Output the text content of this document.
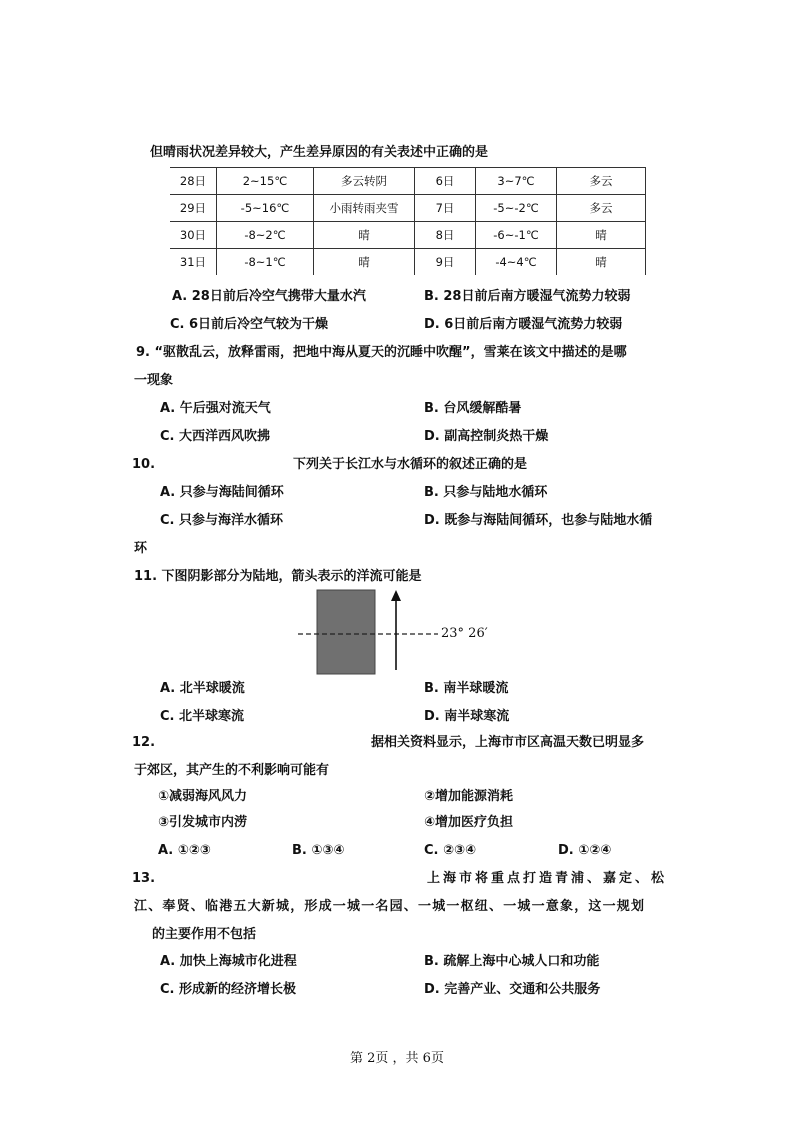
但晴雨状况差异较大，产生差异原因的有关表述中正确的是
28日	2~15℃	多云转阴	6日	3~7℃	多云
29日	-5~16℃	小雨转雨夹雪	7日	-5~-2℃	多云
30日	-8~2℃	晴	8日	-6~-1℃	晴
31日	-8~1℃	晴	9日	-4~4℃	晴
A. 28日前后冷空气携带大量水汽	B. 28日前后南方暖湿气流势力较弱
C. 6日前后冷空气较为干燥	D. 6日前后南方暖湿气流势力较弱
9. “驱散乱云，放释雷雨，把地中海从夏天的沉睡中吹醒”，雪莱在该文中描述的是哪
一现象
A. 午后强对流天气	B. 台风缓解酷暑
C. 大西洋西风吹拂	D. 副高控制炎热干燥
10.	下列关于长江水与水循环的叙述正确的是
A. 只参与海陆间循环	B. 只参与陆地水循环
C. 只参与海洋水循环	D. 既参与海陆间循环，也参与陆地水循
环
11. 下图阴影部分为陆地，箭头表示的洋流可能是
23° 26′
A. 北半球暖流	B. 南半球暖流
C. 北半球寒流	D. 南半球寒流
12.	据相关资料显示，上海市市区高温天数已明显多
于郊区，其产生的不利影响可能有
①减弱海风风力	②增加能源消耗
③引发城市内涝	④增加医疗负担
A. ①②③	B. ①③④	C. ②③④	D. ①②④
13.	上海市将重点打造青浦、嘉定、松
江、奉贤、临港五大新城，形成一城一名园、一城一枢纽、一城一意象，这一规划
的主要作用不包括
A. 加快上海城市化进程	B. 疏解上海中心城人口和功能
C. 形成新的经济增长极	D. 完善产业、交通和公共服务
第 2页 ，共 6页
